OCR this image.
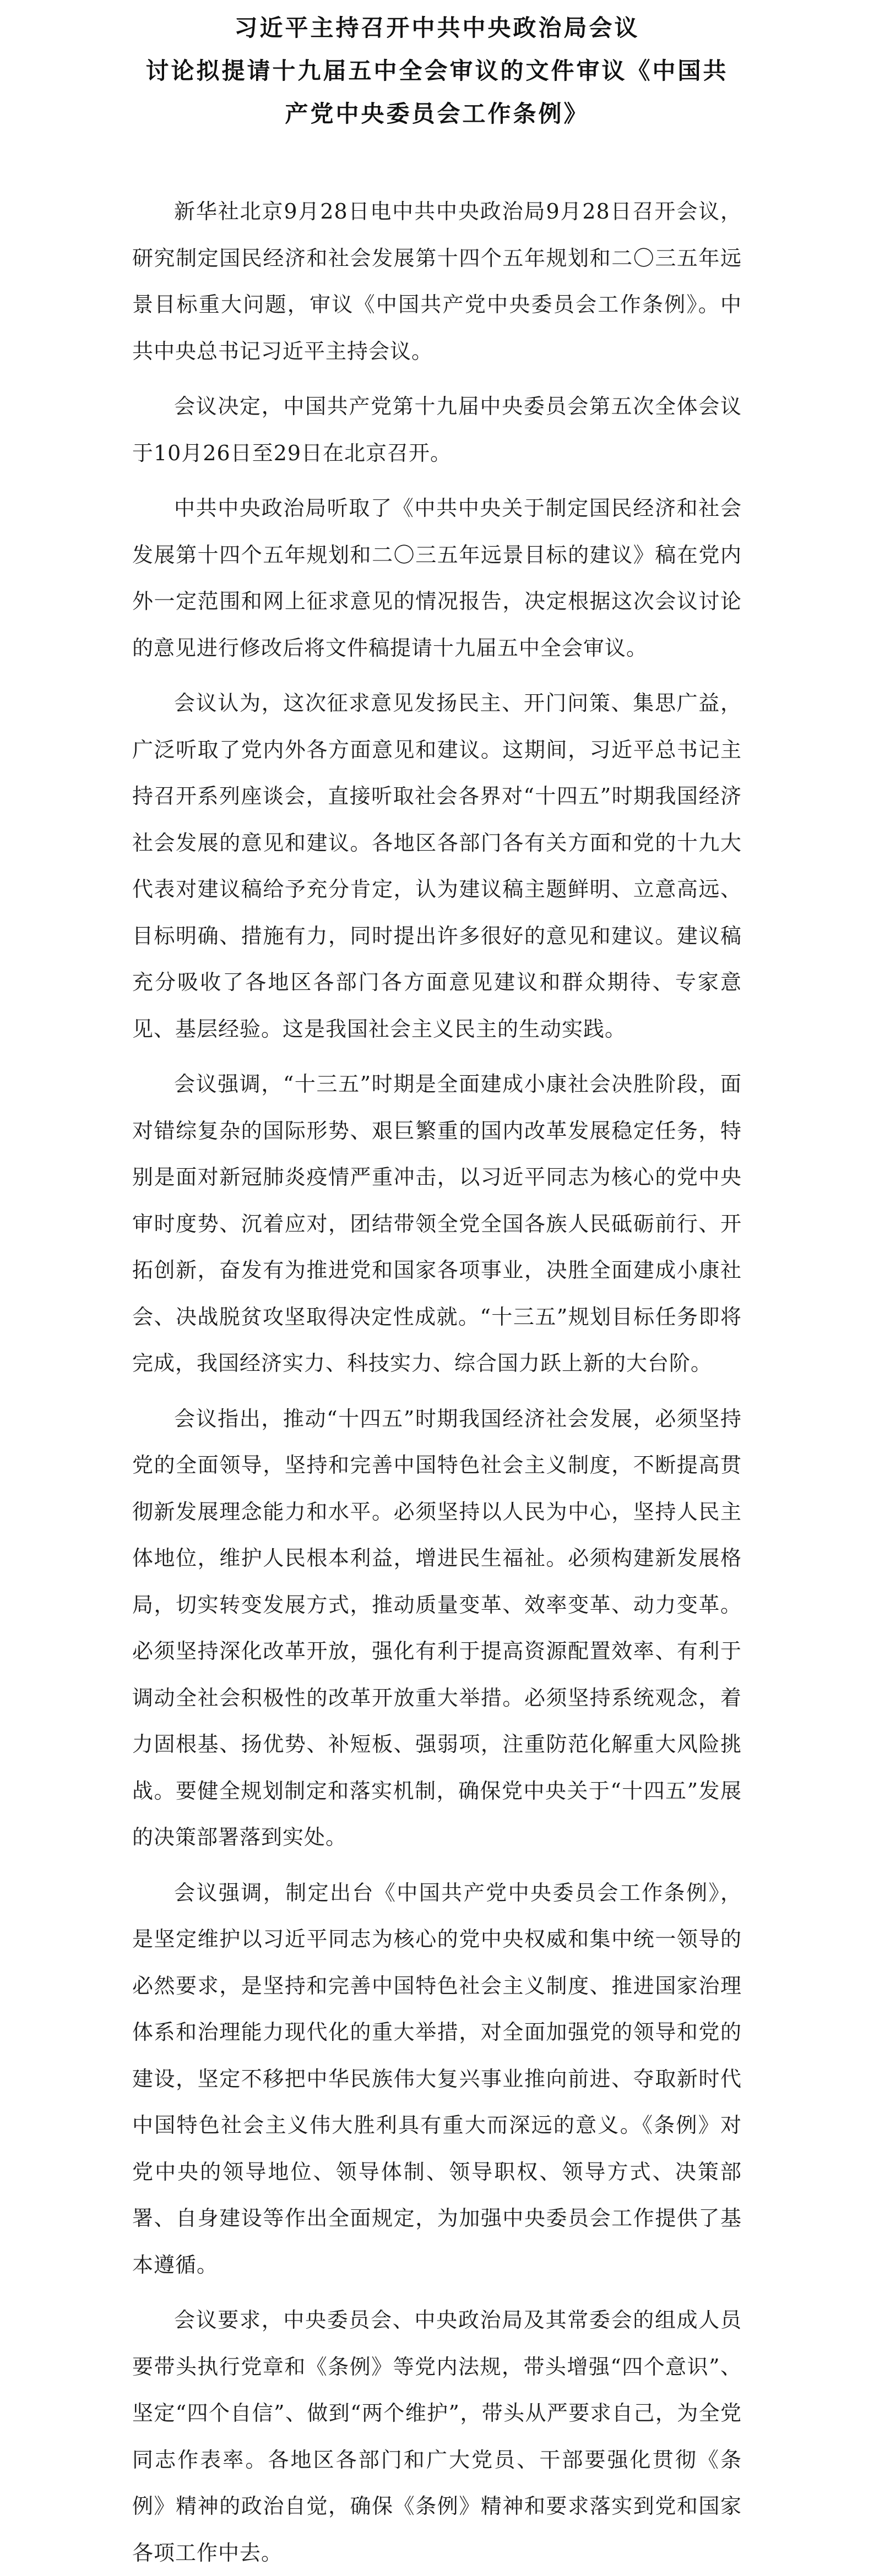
习近平主持召开中共中央政治局会议
讨论拟提请十九届五中全会审议的文件审议《中国共
产党中央委员会工作条例》

新华社北京9月28日电中共中央政治局9月28日召开会议，研究制定国民经济和社会发展第十四个五年规划和二〇三五年远景目标重大问题，审议《中国共产党中央委员会工作条例》。中共中央总书记习近平主持会议。

会议决定，中国共产党第十九届中央委员会第五次全体会议于10月26日至29日在北京召开。

中共中央政治局听取了《中共中央关于制定国民经济和社会发展第十四个五年规划和二〇三五年远景目标的建议》稿在党内外一定范围和网上征求意见的情况报告，决定根据这次会议讨论的意见进行修改后将文件稿提请十九届五中全会审议。

会议认为，这次征求意见发扬民主、开门问策、集思广益，广泛听取了党内外各方面意见和建议。这期间，习近平总书记主持召开系列座谈会，直接听取社会各界对“十四五”时期我国经济社会发展的意见和建议。各地区各部门各有关方面和党的十九大代表对建议稿给予充分肯定，认为建议稿主题鲜明、立意高远、目标明确、措施有力，同时提出许多很好的意见和建议。建议稿充分吸收了各地区各部门各方面意见建议和群众期待、专家意见、基层经验。这是我国社会主义民主的生动实践。

会议强调，“十三五”时期是全面建成小康社会决胜阶段，面对错综复杂的国际形势、艰巨繁重的国内改革发展稳定任务，特别是面对新冠肺炎疫情严重冲击，以习近平同志为核心的党中央审时度势、沉着应对，团结带领全党全国各族人民砥砺前行、开拓创新，奋发有为推进党和国家各项事业，决胜全面建成小康社会、决战脱贫攻坚取得决定性成就。“十三五”规划目标任务即将完成，我国经济实力、科技实力、综合国力跃上新的大台阶。

会议指出，推动“十四五”时期我国经济社会发展，必须坚持党的全面领导，坚持和完善中国特色社会主义制度，不断提高贯彻新发展理念能力和水平。必须坚持以人民为中心，坚持人民主体地位，维护人民根本利益，增进民生福祉。必须构建新发展格局，切实转变发展方式，推动质量变革、效率变革、动力变革。必须坚持深化改革开放，强化有利于提高资源配置效率、有利于调动全社会积极性的改革开放重大举措。必须坚持系统观念，着力固根基、扬优势、补短板、强弱项，注重防范化解重大风险挑战。要健全规划制定和落实机制，确保党中央关于“十四五”发展的决策部署落到实处。

会议强调，制定出台《中国共产党中央委员会工作条例》，是坚定维护以习近平同志为核心的党中央权威和集中统一领导的必然要求，是坚持和完善中国特色社会主义制度、推进国家治理体系和治理能力现代化的重大举措，对全面加强党的领导和党的建设，坚定不移把中华民族伟大复兴事业推向前进、夺取新时代中国特色社会主义伟大胜利具有重大而深远的意义。《条例》对党中央的领导地位、领导体制、领导职权、领导方式、决策部署、自身建设等作出全面规定，为加强中央委员会工作提供了基本遵循。

会议要求，中央委员会、中央政治局及其常委会的组成人员要带头执行党章和《条例》等党内法规，带头增强“四个意识”、坚定“四个自信”、做到“两个维护”，带头从严要求自己，为全党同志作表率。各地区各部门和广大党员、干部要强化贯彻《条例》精神的政治自觉，确保《条例》精神和要求落实到党和国家各项工作中去。
